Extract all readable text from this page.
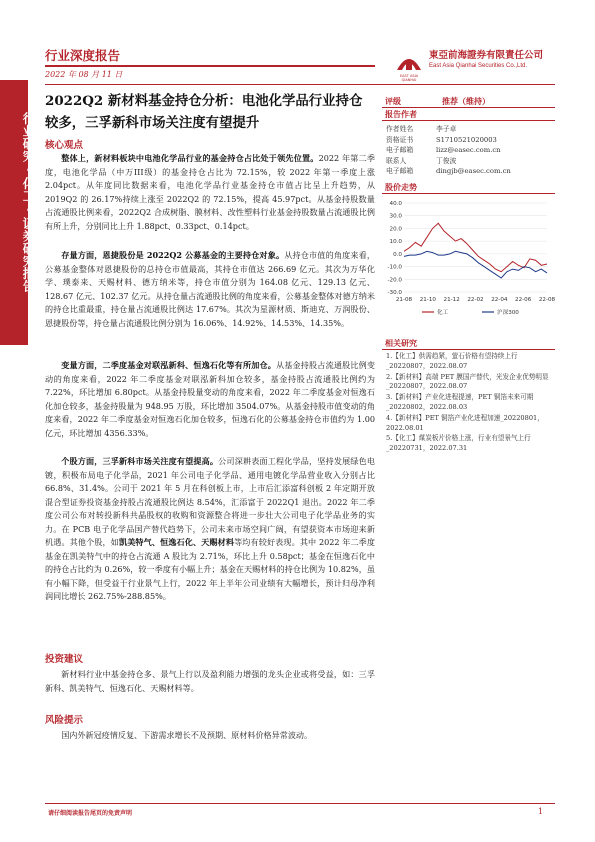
行业深度报告
2022 年 08 月 11 日
東亞前海證券有限責任公司
East Asia Qianhai Securities Co.,Ltd.
EAST ASIA QIANHAI
行业研究·化工·证券研究报告
2022Q2 新材料基金持仓分析：电池化学品行业持仓较多，三孚新科市场关注度有望提升
核心观点
整体上，新材料板块中电池化学品行业的基金持仓占比处于领先位置。2022 年第二季度，电池化学品（中万III级）的基金持仓占比为 72.15%，较 2022 年第一季度上涨 2.04pct。从年度同比数据来看，电池化学品行业基金持仓市值占比呈上升趋势，从 2019Q2 的 26.17%持续上涨至 2022Q2 的 72.15%，提高 45.97pct。从基金持股数量占流通股比例来看，2022Q2 合成树脂、膜材料、改性塑料行业基金持股数量占流通股比例有所上升，分别同比上升 1.88pct、0.33pct、0.14pct。
存量方面，恩捷股份是 2022Q2 公募基金的主要持仓对象。从持仓市值的角度来看，公募基金整体对恩捷股份的总持仓市值最高，其持仓市值达 266.69 亿元。其次为万华化学、璞泰来、天赐材料、德方纳米等，持仓市值分别为 164.08 亿元、129.13 亿元、128.67 亿元、102.37 亿元。从持仓量占流通股比例的角度来看，公募基金整体对德方纳米的持仓比重最重，持仓量占流通股比例达 17.67%。其次为星源材质、斯迪克、万润股份、恩捷股份等，持仓量占流通股比例分别为 16.06%、14.92%、14.53%、14.35%。
变量方面，二季度基金对联泓新科、恒逸石化等有所加仓。从基金持股占流通股比例变动的角度来看，2022 年二季度基金对联泓新科加仓较多，基金持股占流通股比例约为 7.22%，环比增加 6.80pct。从基金持股量变动的角度来看，2022 年二季度基金对恒逸石化加仓较多，基金持股量为 948.95 万股，环比增加 3504.07%。从基金持股市值变动的角度来看，2022 年二季度基金对恒逸石化加仓较多，恒逸石化的公募基金持仓市值约为 1.00 亿元，环比增加 4356.33%。
个股方面，三孚新科市场关注度有望提高。公司深耕表面工程化学品，坚持发展绿色电镀，积极布局电子化学品，2021 年公司电子化学品、通用电镀化学品营业收入分别占比 66.8%、31.4%。公司于 2021 年 5 月在科创板上市，上市后汇添富科创板 2 年定期开放混合型证券投资基金持股占流通股比例达 8.54%，汇添富于 2022Q1 退出。2022 年二季度公司公布对转投新科共晶股权的收购和资源整合将进一步壮大公司电子化学品业务的实力。在 PCB 电子化学品国产替代趋势下，公司未来市场空间广阔，有望获资本市场迎来新机遇。其他个股，如凯美特气、恒逸石化、天赐材料等均有较好表现。其中 2022 年二季度基金在凯美特气中的持仓占流通 A 股比为 2.71%，环比上升 0.58pct；基金在恒逸石化中的持仓占比约为 0.26%，较一季度有小幅上升；基金在天赐材料的持仓比例为 10.82%，虽有小幅下降，但受益于行业景气上行，2022 年上半年公司业绩有大幅增长，预计归母净利润同比增长 262.75%-288.85%。
投资建议
新材料行业中基金持仓多、景气上行以及盈利能力增强的龙头企业或将受益，如：三孚新科、凯美特气、恒逸石化、天赐材料等。
风险提示
国内外新冠疫情反复、下游需求增长不及预期、原材料价格异常波动。
评级	推荐（维持）
报告作者
作者姓名	李子卓
资格证书	S1710521020003
电子邮箱	lizz@easec.com.cn
联系人	丁俊波
电子邮箱	dingjb@easec.com.cn
股价走势
40.0
30.0
20.0
10.0
0.0
-10.0
-20.0
-30.0
21-08 21-10 21-12 22-02 22-04 22-06 22-08
化工	沪深300
相关研究
1.【化工】供需趋紧，萤石价格有望持续上行_20220807，2022.08.07
2.【新材料】高端 PET 膜国产替代，光发企业优势明显_20220807，2022.08.07
3.【新材料】产业化进程提速，PET 铜箔未来可期_20220802，2022.08.03
4.【新材料】PET 铜箔产业化进程加速_20220801，2022.08.01
5.【化工】煤炭板片价格上涨，行业有望景气上行_20220731，2022.07.31
请仔细阅读报告尾页的免责声明	1
